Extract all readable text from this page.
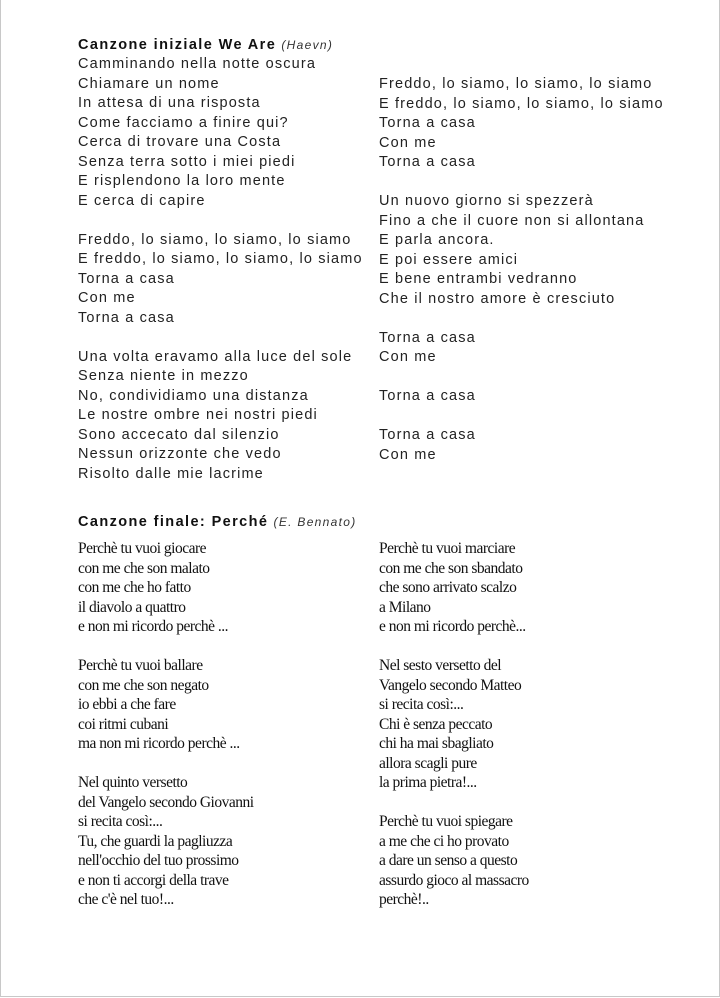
Canzone iniziale We Are (Haevn)
Camminando nella notte oscura
Chiamare un nome
In attesa di una risposta
Come facciamo a finire qui?
Cerca di trovare una Costa
Senza terra sotto i miei piedi
E risplendono la loro mente
E cerca di capire
Freddo, lo siamo, lo siamo, lo siamo
E freddo, lo siamo, lo siamo, lo siamo
Torna a casa
Con me
Torna a casa
Una volta eravamo alla luce del sole
Senza niente in mezzo
No, condividiamo una distanza
Le nostre ombre nei nostri piedi
Sono accecato dal silenzio
Nessun orizzonte che vedo
Risolto dalle mie lacrime
Freddo, lo siamo, lo siamo, lo siamo
E freddo, lo siamo, lo siamo, lo siamo
Torna a casa
Con me
Torna a casa
Un nuovo giorno si spezzerà
Fino a che il cuore non si allontana
E parla ancora.
E poi essere amici
E bene entrambi vedranno
Che il nostro amore è cresciuto
Torna a casa
Con me
Torna a casa
Torna a casa
Con me
Canzone finale: Perché (E. Bennato)
Perchè tu vuoi giocare
con me che son malato
con me che ho fatto
il diavolo a quattro
e non mi ricordo perchè ...
Perchè tu vuoi ballare
con me che son negato
io ebbi a che fare
coi ritmi cubani
ma non mi ricordo perchè ...
Nel quinto versetto
del Vangelo secondo Giovanni
si recita così:...
Tu, che guardi la pagliuzza
nell'occhio del tuo prossimo
e non ti accorgi della trave
che c'è nel tuo!...
Perchè tu vuoi marciare
con me che son sbandato
che sono arrivato scalzo
a Milano
e non mi ricordo perchè...
Nel sesto versetto del
Vangelo secondo Matteo
si recita così:...
Chi è senza peccato
chi ha mai sbagliato
allora scagli pure
la prima pietra!...
Perchè tu vuoi spiegare
a me che ci ho provato
a dare un senso a questo
assurdo gioco al massacro
perchè!..
